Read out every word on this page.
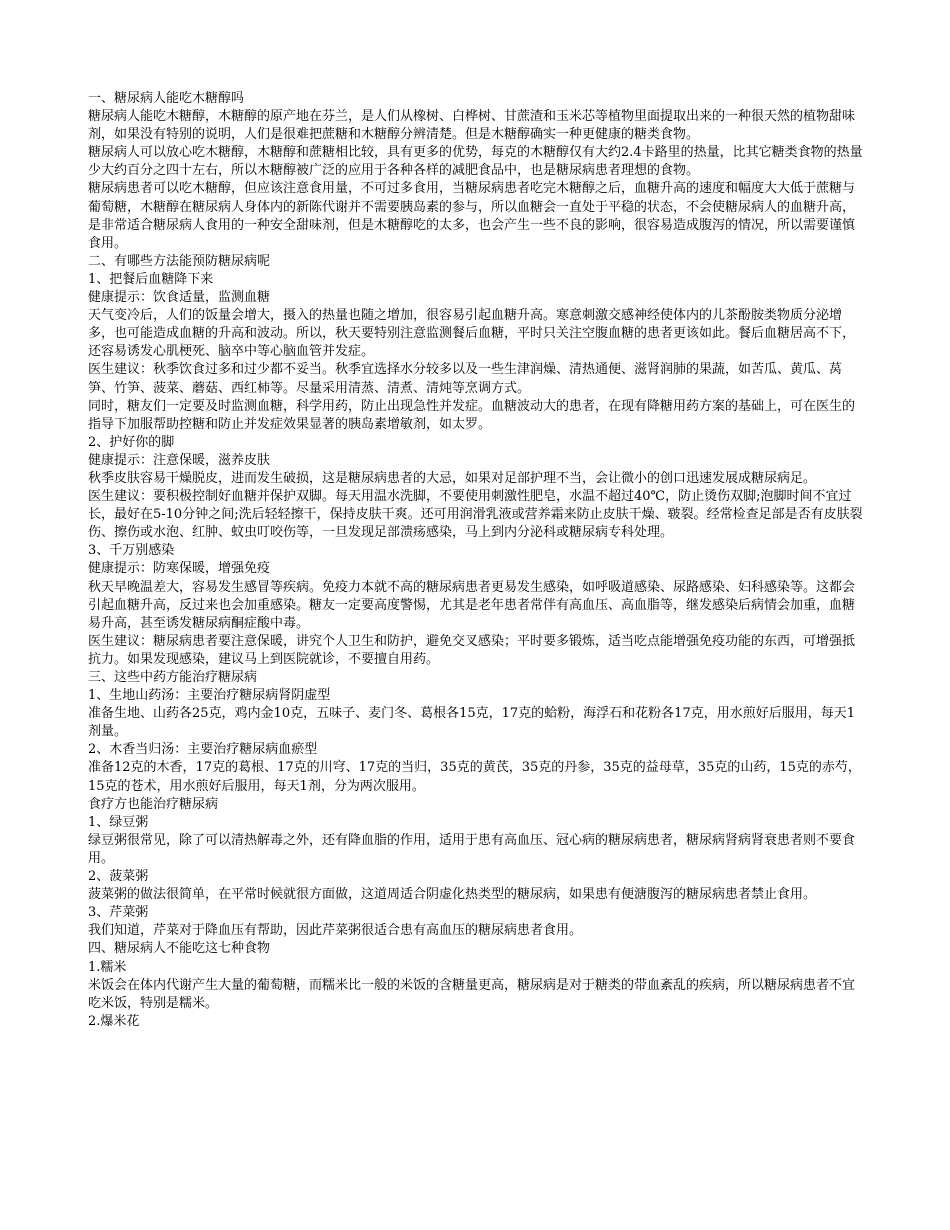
一、糖尿病人能吃木糖醇吗

糖尿病人能吃木糖醇，木糖醇的原产地在芬兰，是人们从橡树、白桦树、甘蔗渣和玉米芯等植物里面提取出来的一种很天然的植物甜味剂，如果没有特别的说明，人们是很难把蔗糖和木糖醇分辨清楚。但是木糖醇确实一种更健康的糖类食物。

糖尿病人可以放心吃木糖醇，木糖醇和蔗糖相比较，具有更多的优势，每克的木糖醇仅有大约2.4卡路里的热量，比其它糖类食物的热量少大约百分之四十左右，所以木糖醇被广泛的应用于各种各样的减肥食品中，也是糖尿病患者理想的食物。

糖尿病患者可以吃木糖醇，但应该注意食用量，不可过多食用，当糖尿病患者吃完木糖醇之后，血糖升高的速度和幅度大大低于蔗糖与葡萄糖，木糖醇在糖尿病人身体内的新陈代谢并不需要胰岛素的参与，所以血糖会一直处于平稳的状态，不会使糖尿病人的血糖升高，是非常适合糖尿病人食用的一种安全甜味剂，但是木糖醇吃的太多，也会产生一些不良的影响，很容易造成腹泻的情况，所以需要谨慎食用。

二、有哪些方法能预防糖尿病呢

1、把餐后血糖降下来

健康提示：饮食适量，监测血糖

天气变冷后，人们的饭量会增大，摄入的热量也随之增加，很容易引起血糖升高。寒意刺激交感神经使体内的儿茶酚胺类物质分泌增多，也可能造成血糖的升高和波动。所以，秋天要特别注意监测餐后血糖，平时只关注空腹血糖的患者更该如此。餐后血糖居高不下，还容易诱发心肌梗死、脑卒中等心脑血管并发症。

医生建议：秋季饮食过多和过少都不妥当。秋季宜选择水分较多以及一些生津润燥、清热通便、滋肾润肺的果蔬，如苦瓜、黄瓜、莴笋、竹笋、菠菜、蘑菇、西红柿等。尽量采用清蒸、清煮、清炖等烹调方式。

同时，糖友们一定要及时监测血糖，科学用药，防止出现急性并发症。血糖波动大的患者，在现有降糖用药方案的基础上，可在医生的指导下加服帮助控糖和防止并发症效果显著的胰岛素增敏剂，如太罗。

2、护好你的脚

健康提示：注意保暖，滋养皮肤

秋季皮肤容易干燥脱皮，进而发生破损，这是糖尿病患者的大忌，如果对足部护理不当，会让微小的创口迅速发展成糖尿病足。

医生建议：要积极控制好血糖并保护双脚。每天用温水洗脚，不要使用刺激性肥皂，水温不超过40℃，防止烫伤双脚;泡脚时间不宜过长，最好在5-10分钟之间;洗后轻轻擦干，保持皮肤干爽。还可用润滑乳液或营养霜来防止皮肤干燥、皲裂。经常检查足部是否有皮肤裂伤、擦伤或水泡、红肿、蚊虫叮咬伤等，一旦发现足部溃疡感染，马上到内分泌科或糖尿病专科处理。

3、千万别感染

健康提示：防寒保暖，增强免疫

秋天早晚温差大，容易发生感冒等疾病。免疫力本就不高的糖尿病患者更易发生感染，如呼吸道感染、尿路感染、妇科感染等。这都会引起血糖升高，反过来也会加重感染。糖友一定要高度警惕，尤其是老年患者常伴有高血压、高血脂等，继发感染后病情会加重，血糖易升高，甚至诱发糖尿病酮症酸中毒。

医生建议：糖尿病患者要注意保暖，讲究个人卫生和防护，避免交叉感染；平时要多锻炼，适当吃点能增强免疫功能的东西，可增强抵抗力。如果发现感染，建议马上到医院就诊，不要擅自用药。

三、这些中药方能治疗糖尿病

1、生地山药汤：主要治疗糖尿病肾阴虚型

准备生地、山药各25克，鸡内金10克，五味子、麦门冬、葛根各15克，17克的蛤粉，海浮石和花粉各17克，用水煎好后服用，每天1剂量。

2、木香当归汤：主要治疗糖尿病血瘀型

准备12克的木香，17克的葛根、17克的川穹、17克的当归，35克的黄芪，35克的丹参，35克的益母草，35克的山药，15克的赤芍，15克的苍术，用水煎好后服用，每天1剂，分为两次服用。

食疗方也能治疗糖尿病

1、绿豆粥

绿豆粥很常见，除了可以清热解毒之外，还有降血脂的作用，适用于患有高血压、冠心病的糖尿病患者，糖尿病肾病肾衰患者则不要食用。

2、菠菜粥

菠菜粥的做法很简单，在平常时候就很方面做，这道周适合阴虚化热类型的糖尿病，如果患有便溏腹泻的糖尿病患者禁止食用。

3、芹菜粥

我们知道，芹菜对于降血压有帮助，因此芹菜粥很适合患有高血压的糖尿病患者食用。

四、糖尿病人不能吃这七种食物

1.糯米

米饭会在体内代谢产生大量的葡萄糖，而糯米比一般的米饭的含糖量更高，糖尿病是对于糖类的带血紊乱的疾病，所以糖尿病患者不宜吃米饭，特别是糯米。

2.爆米花
